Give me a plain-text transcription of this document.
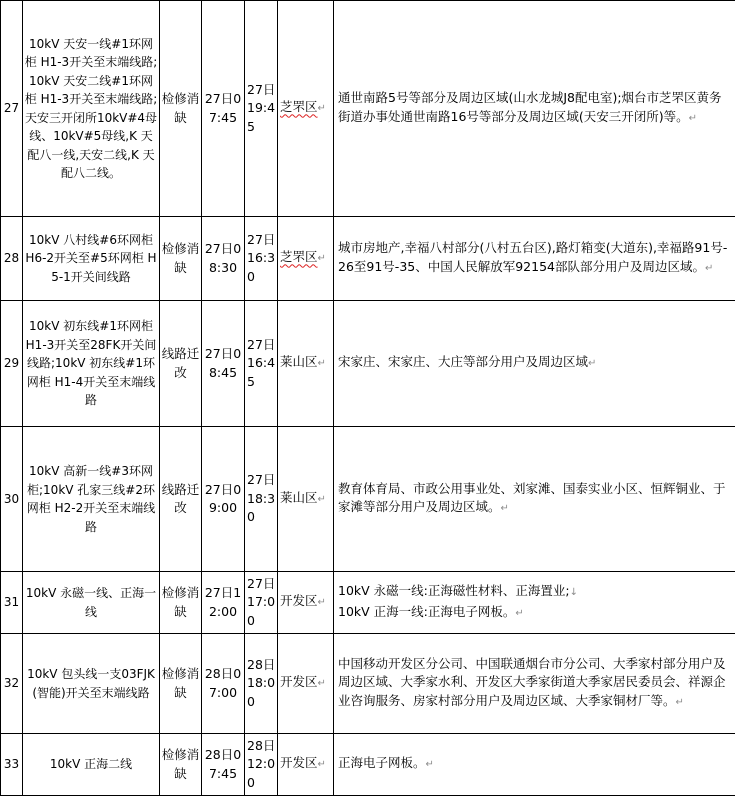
27	10kV 天安一线#1环网柜 H1-3开关至末端线路;10kV 天安二线#1环网柜 H1-3开关至末端线路;天安三开闭所10kV#4母线、10kV#5母线,K 天配八一线,天安二线,K 天配八二线。	检修消缺	27日07:45	27日19:45	芝罘区↵	通世南路5号等部分及周边区域(山水龙城J8配电室);烟台市芝罘区黄务街道办事处通世南路16号等部分及周边区域(天安三开闭所)等。↵
28	10kV 八村线#6环网柜 H6-2开关至#5环网柜 H5-1开关间线路	检修消缺	27日08:30	27日16:30	芝罘区↵	城市房地产,幸福八村部分(八村五台区),路灯箱变(大道东),幸福路91号-26至91号-35、中国人民解放军92154部队部分用户及周边区域。↵
29	10kV 初东线#1环网柜 H1-3开关至28FK开关间线路;10kV 初东线#1环网柜 H1-4开关至末端线路	线路迁改	27日08:45	27日16:45	莱山区↵	宋家庄、宋家庄、大庄等部分用户及周边区域↵
30	10kV 高新一线#3环网柜;10kV 孔家三线#2环网柜 H2-2开关至末端线路	线路迁改	27日09:00	27日18:30	莱山区↵	教育体育局、市政公用事业处、刘家滩、国泰实业小区、恒辉铜业、于家滩等部分用户及周边区域。↵
31	10kV 永磁一线、正海一线	检修消缺	27日12:00	27日17:00	开发区↵	10kV 永磁一线:正海磁性材料、正海置业;↓
10kV 正海一线:正海电子网板。↵

32	10kV 包头线一支03FJK(智能)开关至末端线路	检修消缺	28日07:00	28日18:00	开发区↵	中国移动开发区分公司、中国联通烟台市分公司、大季家村部分用户及周边区域、大季家水利、开发区大季家街道大季家居民委员会、祥源企业咨询服务、房家村部分用户及周边区域、大季家铜材厂等。↵
33	10kV 正海二线	检修消缺	28日07:45	28日12:00	开发区↵	正海电子网板。↵
